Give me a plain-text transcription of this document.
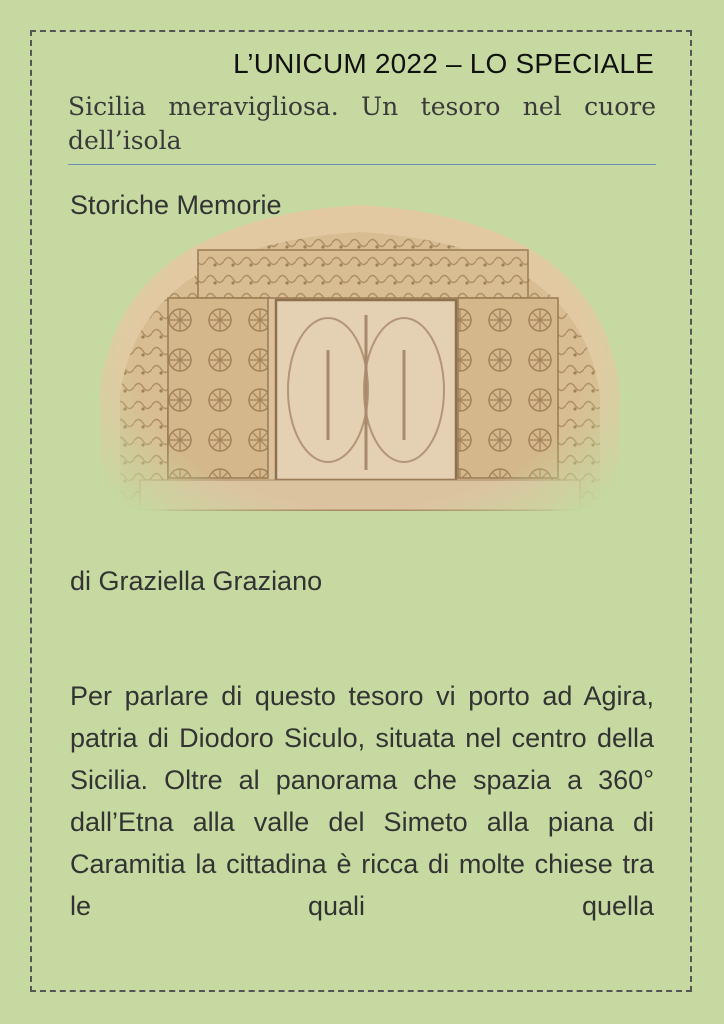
L’UNICUM 2022 – LO SPECIALE
Sicilia meravigliosa. Un tesoro nel cuore dell’isola
Storiche Memorie
di Graziella Graziano
Per parlare di questo tesoro vi porto ad Agira, patria di Diodoro Siculo, situata nel centro della Sicilia. Oltre al panorama che spazia a 360° dall’Etna alla valle del Simeto alla piana di Caramitia la cittadina è ricca di molte chiese tra le quali quella
